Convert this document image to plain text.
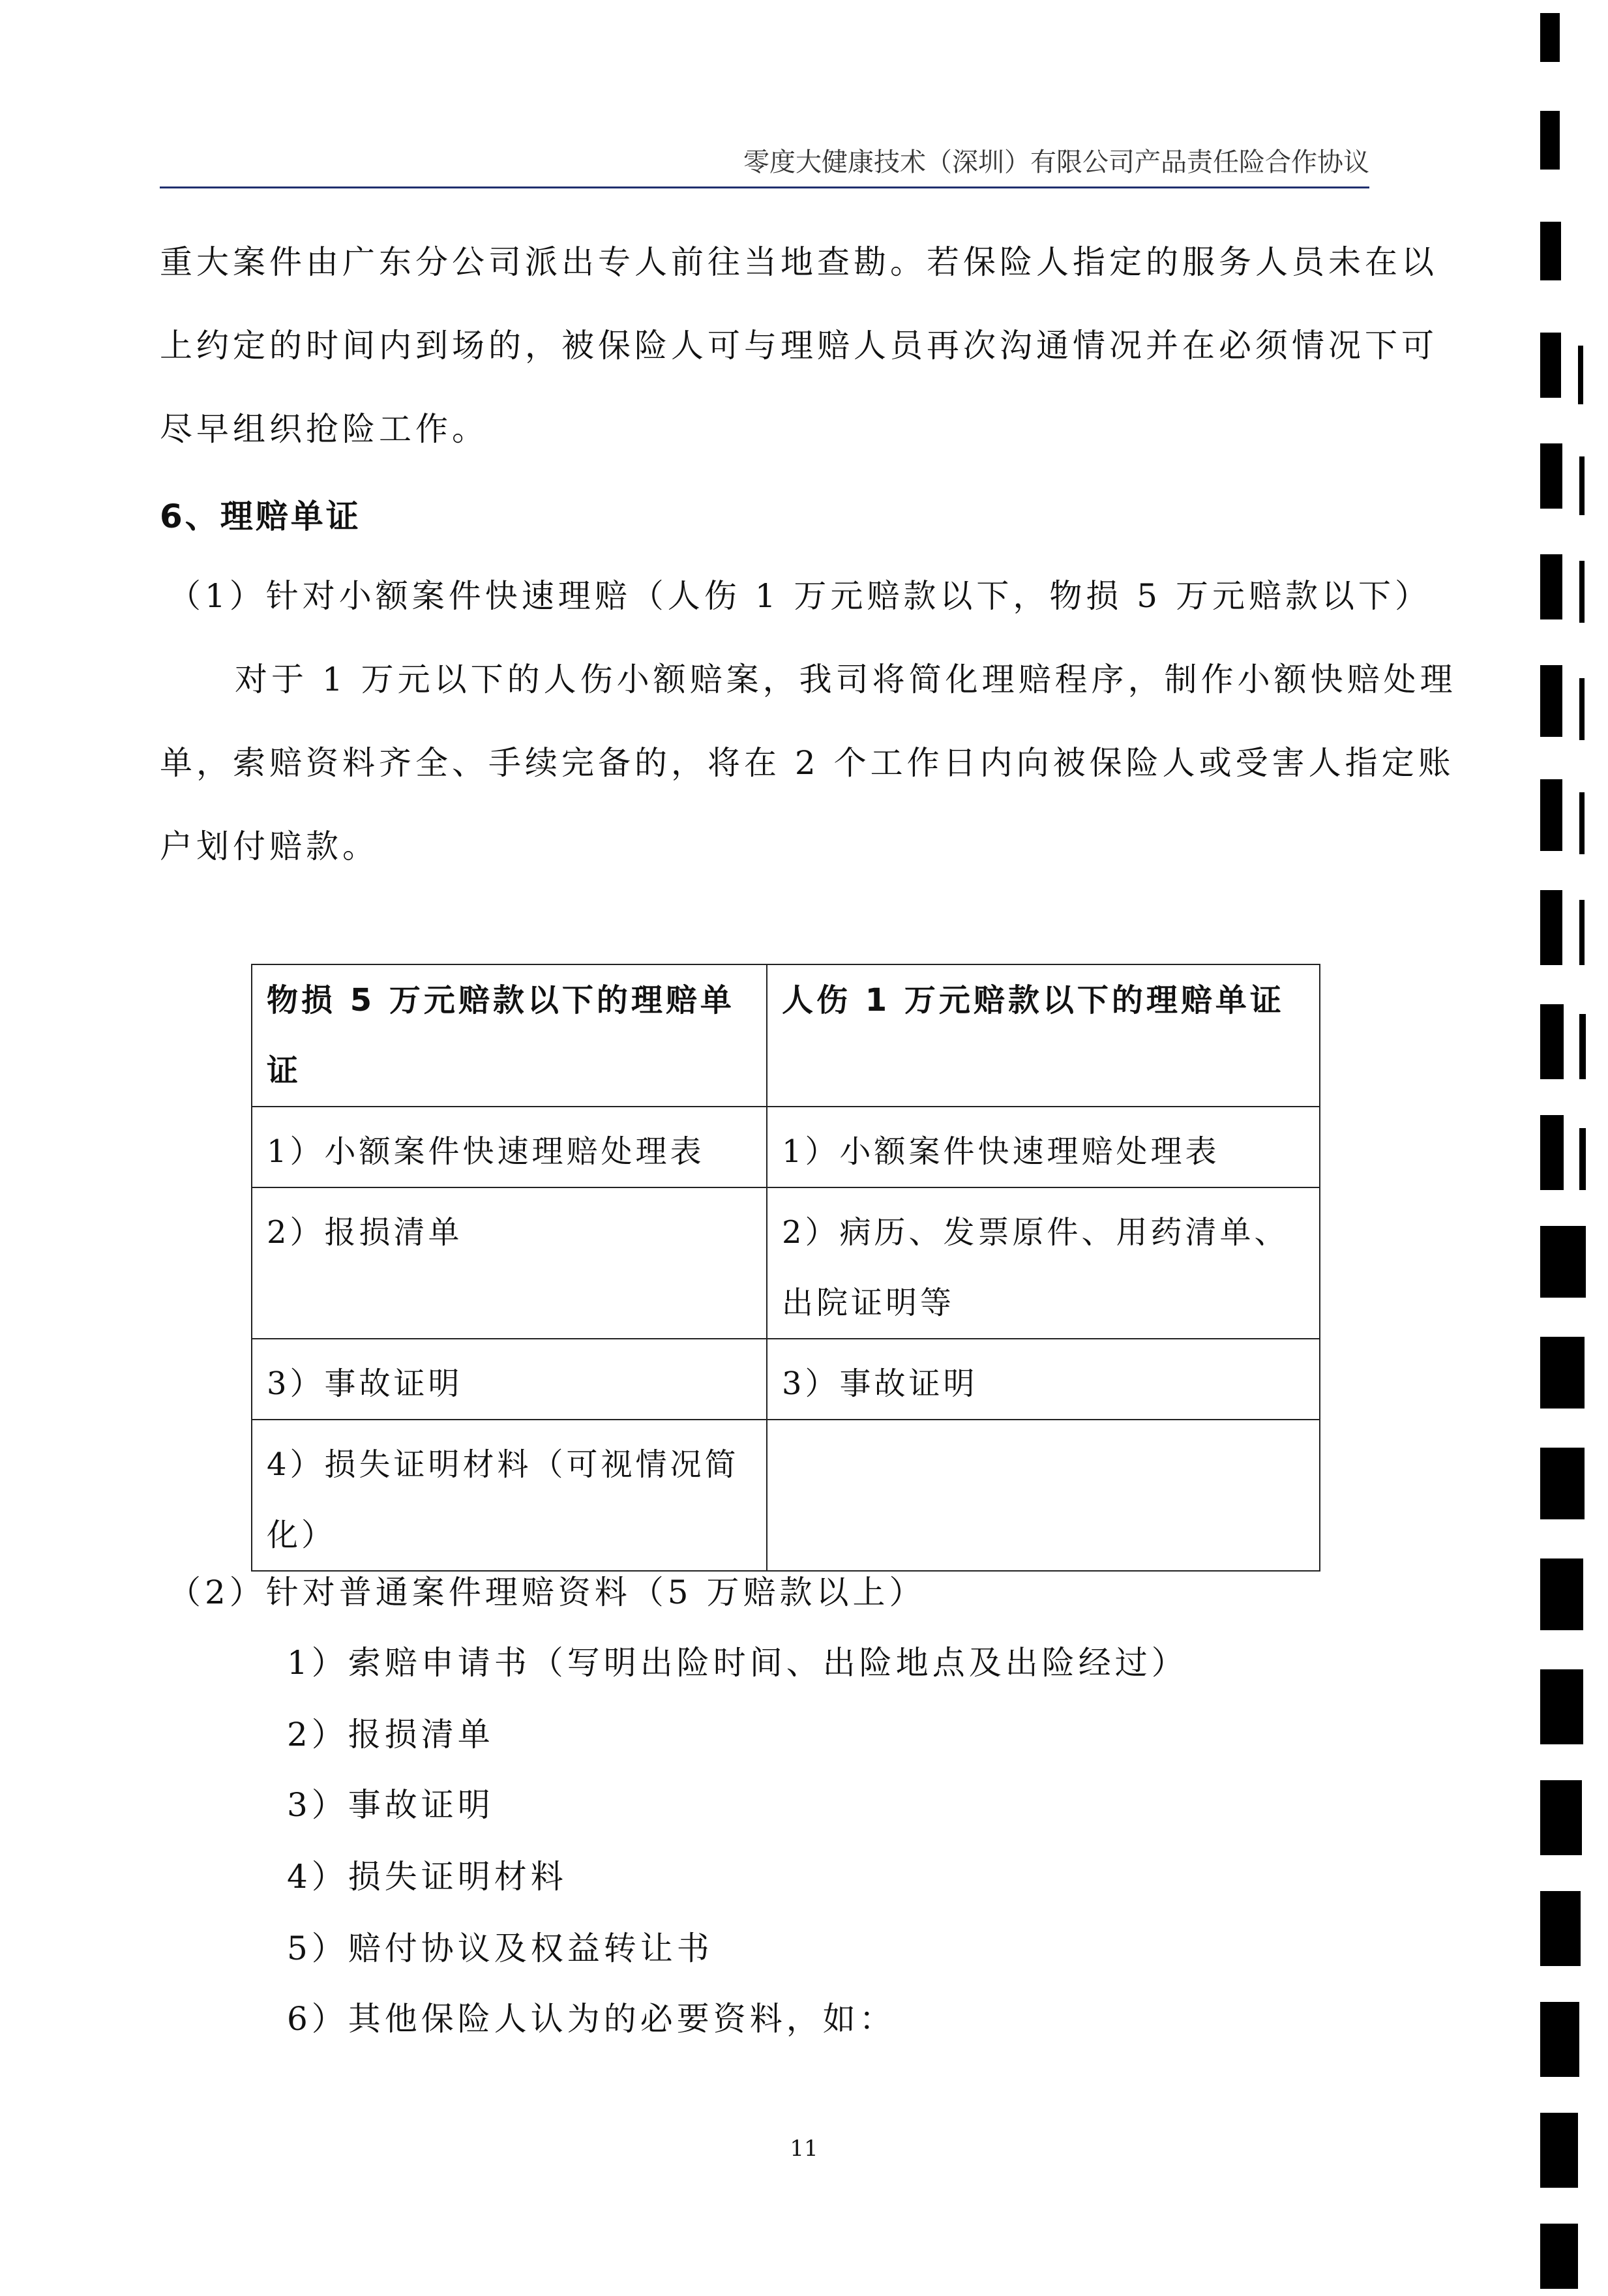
零度大健康技术（深圳）有限公司产品责任险合作协议
重大案件由广东分公司派出专人前往当地查勘。若保险人指定的服务人员未在以
上约定的时间内到场的，被保险人可与理赔人员再次沟通情况并在必须情况下可
尽早组织抢险工作。
6、理赔单证
（1）针对小额案件快速理赔（人伤 1 万元赔款以下，物损 5 万元赔款以下）
对于 1 万元以下的人伤小额赔案，我司将简化理赔程序，制作小额快赔处理
单，索赔资料齐全、手续完备的，将在 2 个工作日内向被保险人或受害人指定账
户划付赔款。
物损 5 万元赔款以下的理赔单证	人伤 1 万元赔款以下的理赔单证
1）小额案件快速理赔处理表	1）小额案件快速理赔处理表
2）报损清单	2）病历、发票原件、用药清单、出院证明等
3）事故证明	3）事故证明
4）损失证明材料（可视情况简化）	
（2）针对普通案件理赔资料（5 万赔款以上）
1）索赔申请书（写明出险时间、出险地点及出险经过）
2）报损清单
3）事故证明
4）损失证明材料
5）赔付协议及权益转让书
6）其他保险人认为的必要资料，如：
11
